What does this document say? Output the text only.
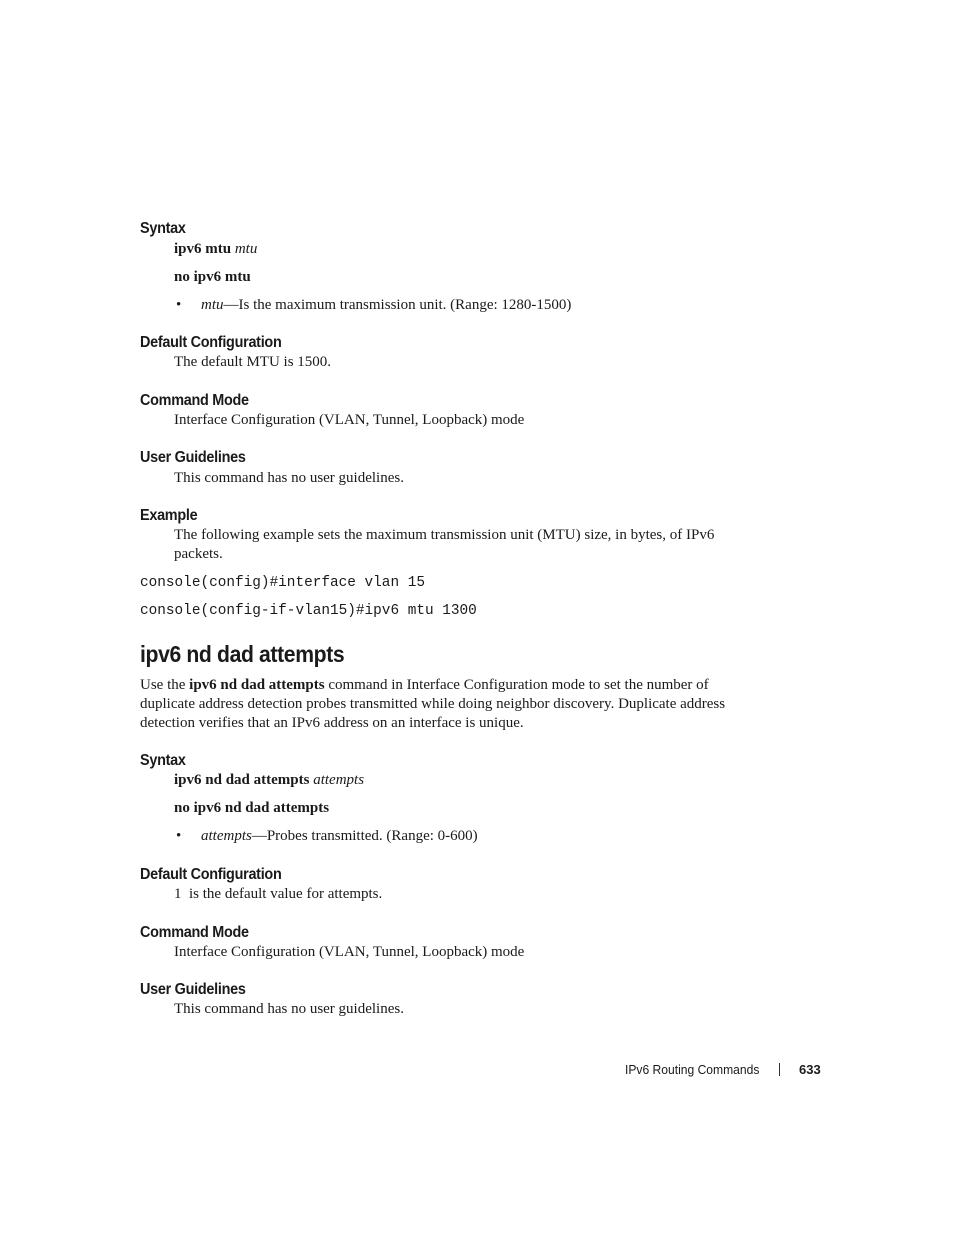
Syntax
ipv6 mtu mtu
no ipv6 mtu
• mtu—Is the maximum transmission unit. (Range: 1280-1500)
Default Configuration
The default MTU is 1500.
Command Mode
Interface Configuration (VLAN, Tunnel, Loopback) mode
User Guidelines
This command has no user guidelines.
Example
The following example sets the maximum transmission unit (MTU) size, in bytes, of IPv6
packets.
console(config)#interface vlan 15
console(config-if-vlan15)#ipv6 mtu 1300
ipv6 nd dad attempts
Use the ipv6 nd dad attempts command in Interface Configuration mode to set the number of
duplicate address detection probes transmitted while doing neighbor discovery. Duplicate address
detection verifies that an IPv6 address on an interface is unique.
Syntax
ipv6 nd dad attempts attempts
no ipv6 nd dad attempts
• attempts—Probes transmitted. (Range: 0-600)
Default Configuration
1  is the default value for attempts.
Command Mode
Interface Configuration (VLAN, Tunnel, Loopback) mode
User Guidelines
This command has no user guidelines.
IPv6 Routing Commands	633
